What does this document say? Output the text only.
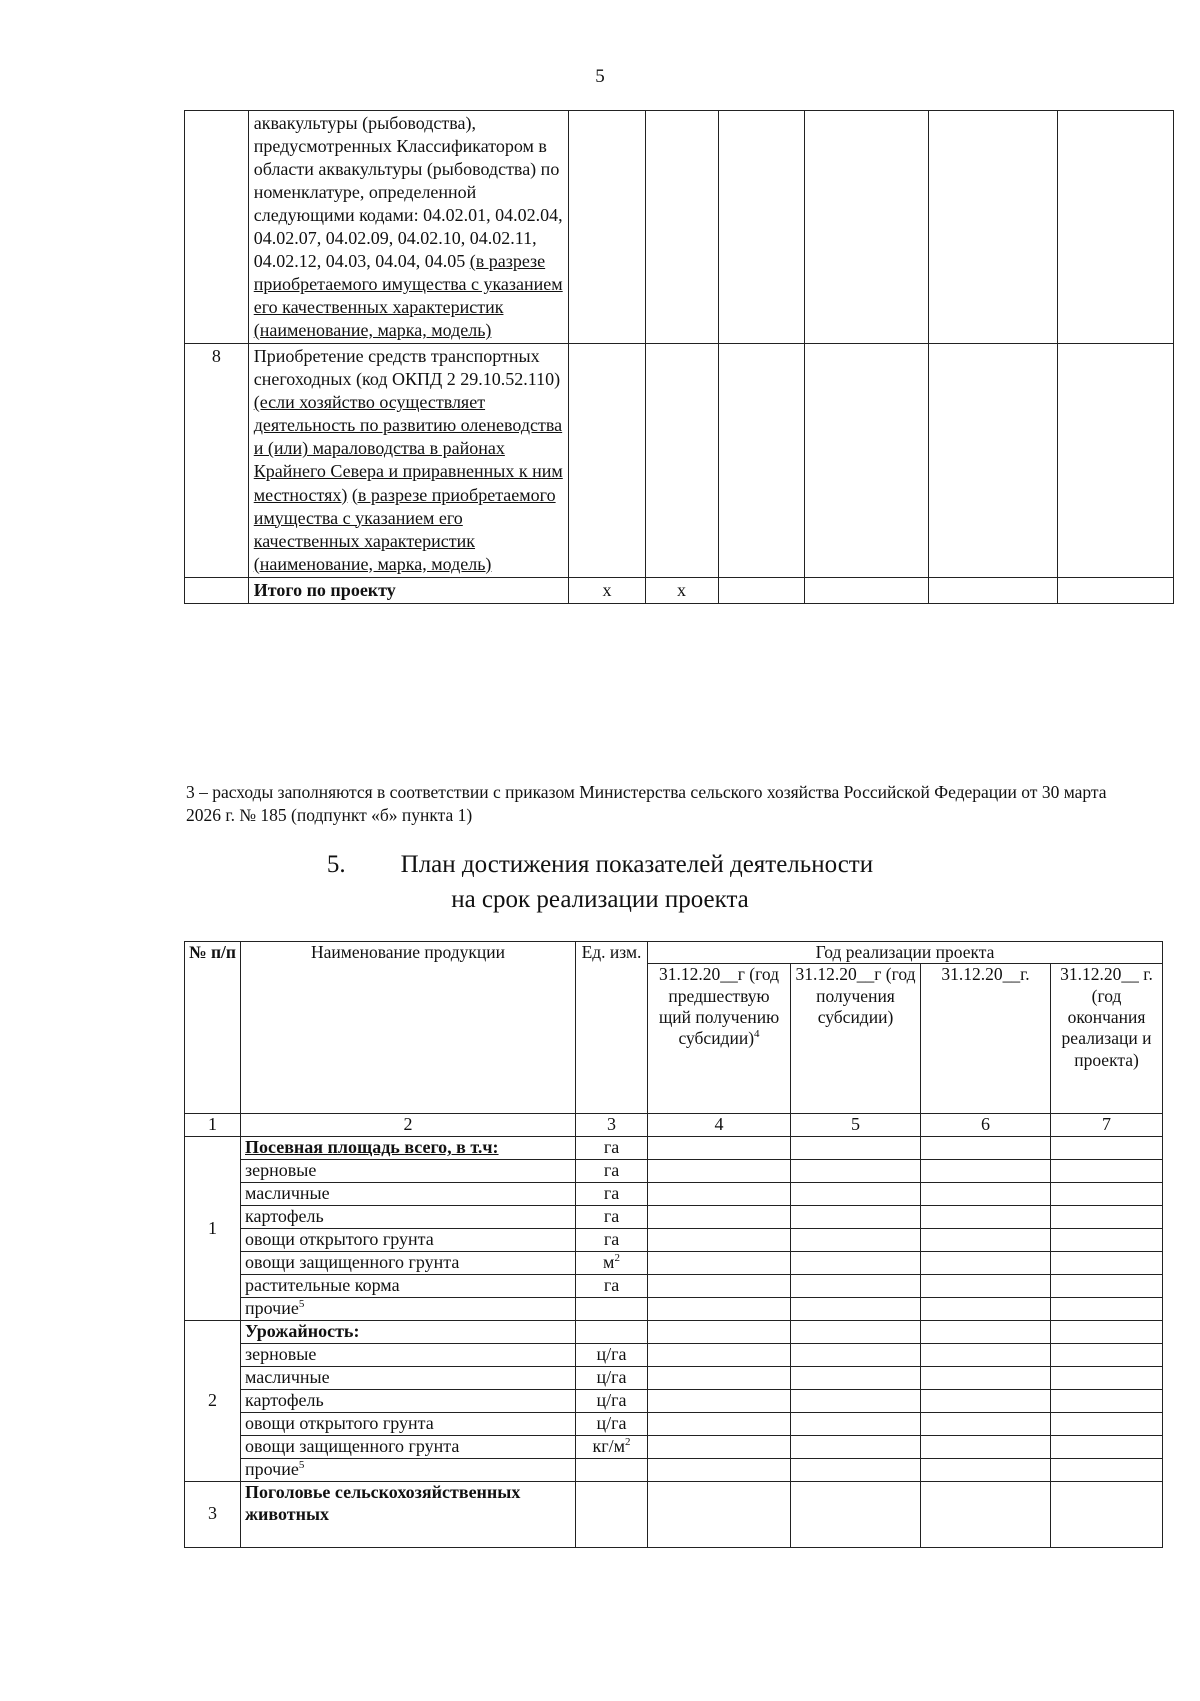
5
	аквакультуры (рыбоводства), предусмотренных Классификатором в области аквакультуры (рыбоводства) по номенклатуре, определенной следующими кодами: 04.02.01, 04.02.04, 04.02.07, 04.02.09, 04.02.10, 04.02.11, 04.02.12, 04.03, 04.04, 04.05 (в разрезе приобретаемого имущества с указанием его качественных характеристик (наименование, марка, модель)						
8	Приобретение средств транспортных снегоходных (код ОКПД 2 29.10.52.110) (если хозяйство осуществляет деятельность по развитию оленеводства и (или) мараловодства в районах Крайнего Севера и приравненных к ним местностях) (в разрезе приобретаемого имущества с указанием его качественных характеристик (наименование, марка, модель)						
	Итого по проекту	х	х				
3 – расходы заполняются в соответствии с приказом Министерства сельского хозяйства Российской Федерации от 30 марта 2026 г. № 185 (подпункт «б» пункта 1)
5. План достижения показателей деятельности
на срок реализации проекта
№ п/п	Наименование продукции	Ед. изм.	Год реализации проекта			
			31.12.20__г (год предшествую щий получению субсидии)$^4$	31.12.20__г (год получения субсидии)	31.12.20__г.	31.12.20__ г. (год окончания реализаци и проекта)
1	2	3	4	5	6	7
1	Посевная площадь всего, в т.ч:	га				
	зерновые	га				
	масличные	га				
	картофель	га				
	овощи открытого грунта	га				
	овощи защищенного грунта	$м^2$				
	растительные корма	га				
	прочие$^5$					
2	Урожайность:					
	зерновые	ц/га				
	масличные	ц/га				
	картофель	ц/га				
	овощи открытого грунта	ц/га				
	овощи защищенного грунта	$кг/м^2$				
	прочие$^5$					
3	Поголовье сельскохозяйственных животных					
